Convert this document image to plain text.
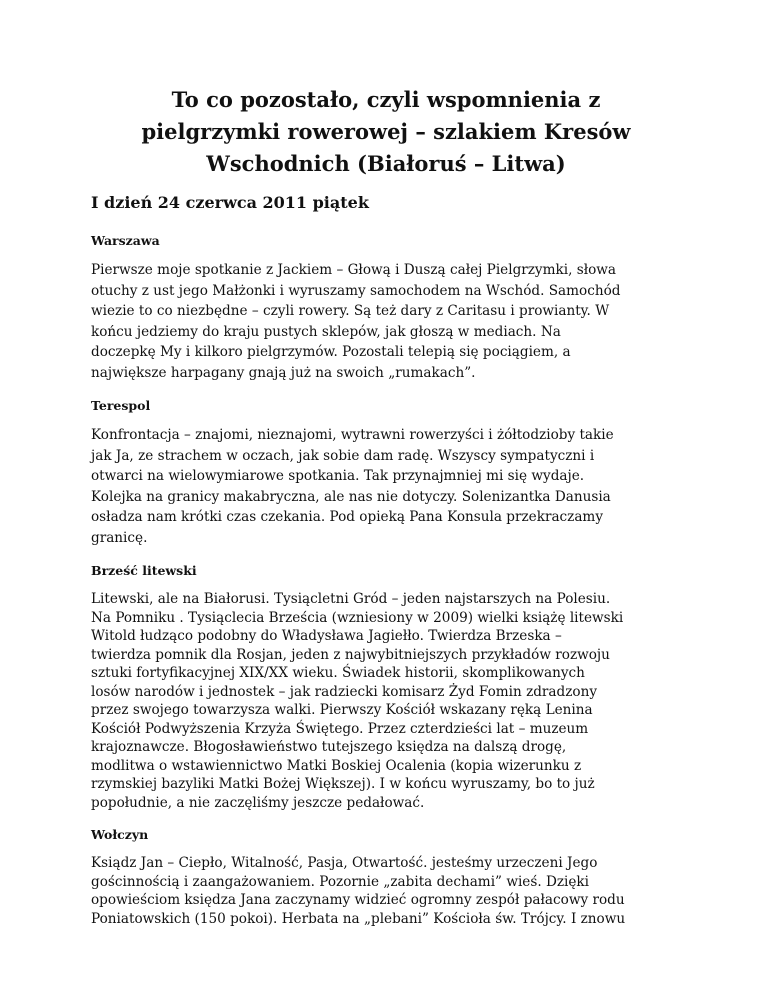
To co pozostało, czyli wspomnienia z
pielgrzymki rowerowej – szlakiem Kresów
Wschodnich (Białoruś – Litwa)
I dzień 24 czerwca 2011 piątek
Warszawa
Pierwsze moje spotkanie z Jackiem – Głową i Duszą całej Pielgrzymki, słowa
otuchy z ust jego Małżonki i wyruszamy samochodem na Wschód. Samochód
wiezie to co niezbędne – czyli rowery. Są też dary z Caritasu i prowianty. W
końcu jedziemy do kraju pustych sklepów, jak głoszą w mediach. Na
doczepkę My i kilkoro pielgrzymów. Pozostali telepią się pociągiem, a
największe harpagany gnają już na swoich „rumakach”.
Terespol
Konfrontacja – znajomi, nieznajomi, wytrawni rowerzyści i żółtodzioby takie
jak Ja, ze strachem w oczach, jak sobie dam radę. Wszyscy sympatyczni i
otwarci na wielowymiarowe spotkania. Tak przynajmniej mi się wydaje.
Kolejka na granicy makabryczna, ale nas nie dotyczy. Solenizantka Danusia
osładza nam krótki czas czekania. Pod opieką Pana Konsula przekraczamy
granicę.
Brześć litewski
Litewski, ale na Białorusi. Tysiącletni Gród – jeden najstarszych na Polesiu.
Na Pomniku . Tysiąclecia Brześcia (wzniesiony w 2009) wielki książę litewski
Witold łudząco podobny do Władysława Jagiełło. Twierdza Brzeska –
twierdza pomnik dla Rosjan, jeden z najwybitniejszych przykładów rozwoju
sztuki fortyfikacyjnej XIX/XX wieku. Świadek historii, skomplikowanych
losów narodów i jednostek – jak radziecki komisarz Żyd Fomin zdradzony
przez swojego towarzysza walki. Pierwszy Kościół wskazany ręką Lenina
Kościół Podwyższenia Krzyża Świętego. Przez czterdzieści lat – muzeum
krajoznawcze. Błogosławieństwo tutejszego księdza na dalszą drogę,
modlitwa o wstawiennictwo Matki Boskiej Ocalenia (kopia wizerunku z
rzymskiej bazyliki Matki Bożej Większej). I w końcu wyruszamy, bo to już
popołudnie, a nie zaczęliśmy jeszcze pedałować.
Wołczyn
Ksiądz Jan – Ciepło, Witalność, Pasja, Otwartość. jesteśmy urzeczeni Jego
gościnnością i zaangażowaniem. Pozornie „zabita dechami” wieś. Dzięki
opowieściom księdza Jana zaczynamy widzieć ogromny zespół pałacowy rodu
Poniatowskich (150 pokoi). Herbata na „plebani” Kościoła św. Trójcy. I znowu
